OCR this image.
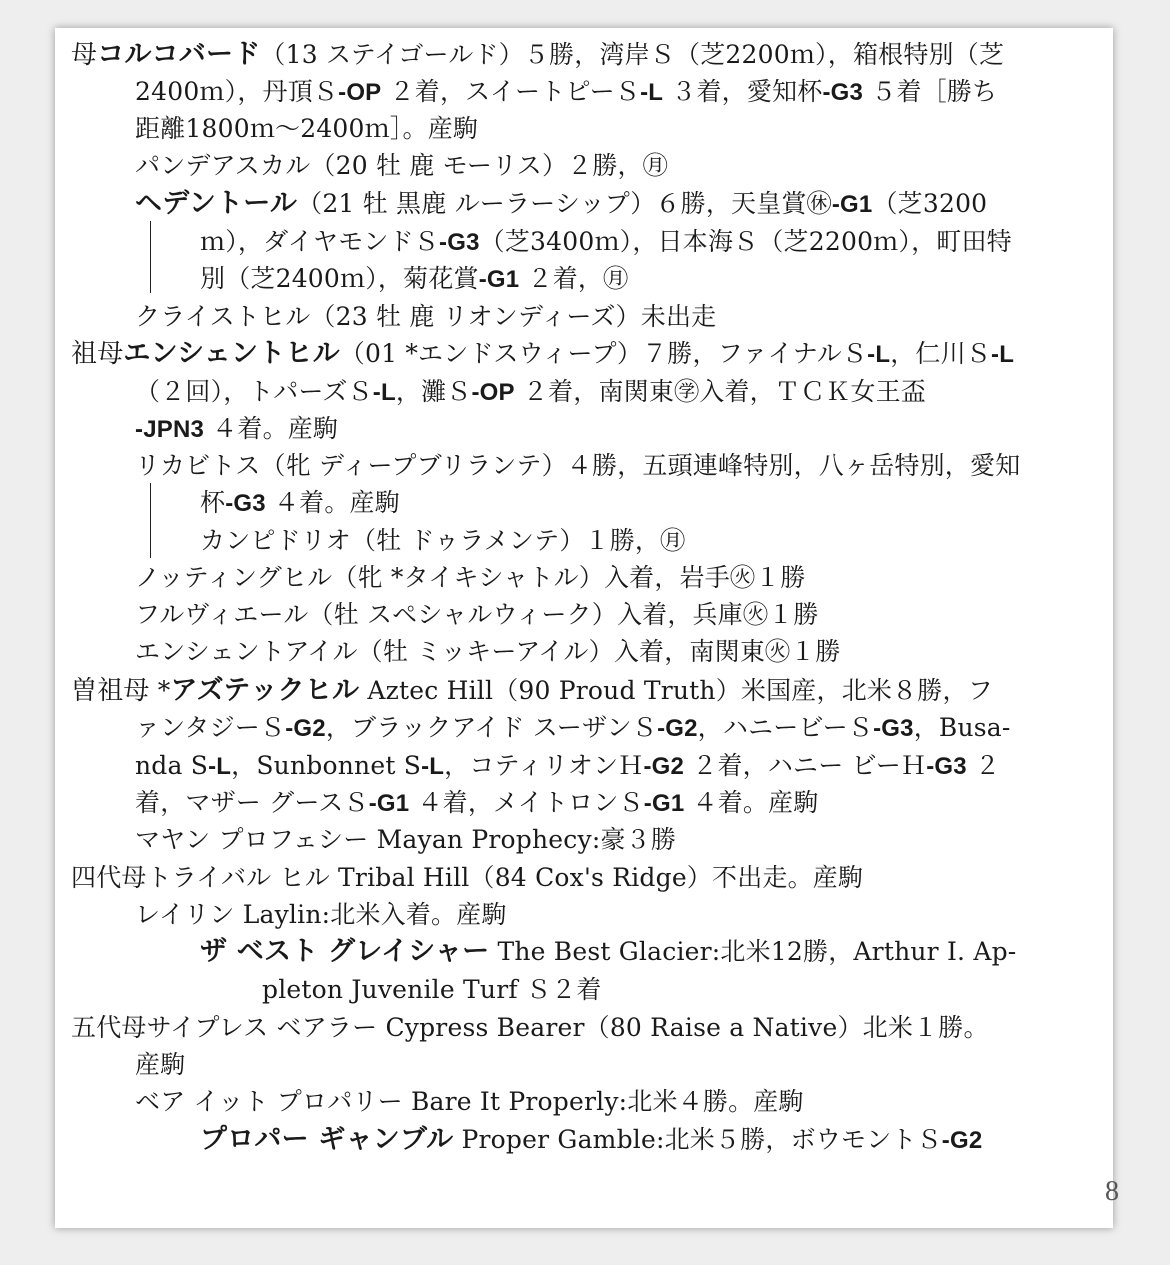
母コルコバード（13 ステイゴールド）５勝，湾岸Ｓ（芝2200ｍ），箱根特別（芝
2400ｍ），丹頂Ｓ-OP ２着，スイートピーＳ-L ３着，愛知杯-G3 ５着［勝ち
距離1800ｍ～2400ｍ］。産駒
パンデアスカル（20 牡 鹿 モーリス）２勝，㊊
ヘデントール（21 牡 黒鹿 ルーラーシップ）６勝，天皇賞㊡-G1（芝3200
ｍ），ダイヤモンドＳ-G3（芝3400ｍ），日本海Ｓ（芝2200ｍ），町田特
別（芝2400ｍ），菊花賞-G1 ２着，㊊
クライストヒル（23 牡 鹿 リオンディーズ）未出走
祖母エンシェントヒル（01 *エンドスウィープ）７勝，ファイナルＳ-L，仁川Ｓ-L
（２回），トパーズＳ-L，灘Ｓ-OP ２着，南関東㊫入着，ＴＣＫ女王盃
-JPN3 ４着。産駒
リカビトス（牝 ディープブリランテ）４勝，五頭連峰特別，八ヶ岳特別，愛知
杯-G3 ４着。産駒
カンピドリオ（牡 ドゥラメンテ）１勝，㊊
ノッティングヒル（牝 *タイキシャトル）入着，岩手㊋１勝
フルヴィエール（牡 スペシャルウィーク）入着，兵庫㊋１勝
エンシェントアイル（牡 ミッキーアイル）入着，南関東㊋１勝
曽祖母 *アズテックヒル Aztec Hill（90 Proud Truth）米国産，北米８勝，フ
ァンタジーＳ-G2，ブラックアイド スーザンＳ-G2，ハニービーＳ-G3，Busa-
nda S-L，Sunbonnet S-L，コティリオンＨ-G2 ２着，ハニー ビーＨ-G3 ２
着，マザー グースＳ-G1 ４着，メイトロンＳ-G1 ４着。産駒
マヤン プロフェシー Mayan Prophecy:豪３勝
四代母トライバル ヒル Tribal Hill（84 Cox's Ridge）不出走。産駒
レイリン Laylin:北米入着。産駒
ザ ベスト グレイシャー The Best Glacier:北米12勝，Arthur I. Ap-
pleton Juvenile Turf Ｓ２着
五代母サイプレス ベアラー Cypress Bearer（80 Raise a Native）北米１勝。
産駒
ベア イット プロパリー Bare It Properly:北米４勝。産駒
プロパー ギャンブル Proper Gamble:北米５勝，ボウモントＳ-G2
8
